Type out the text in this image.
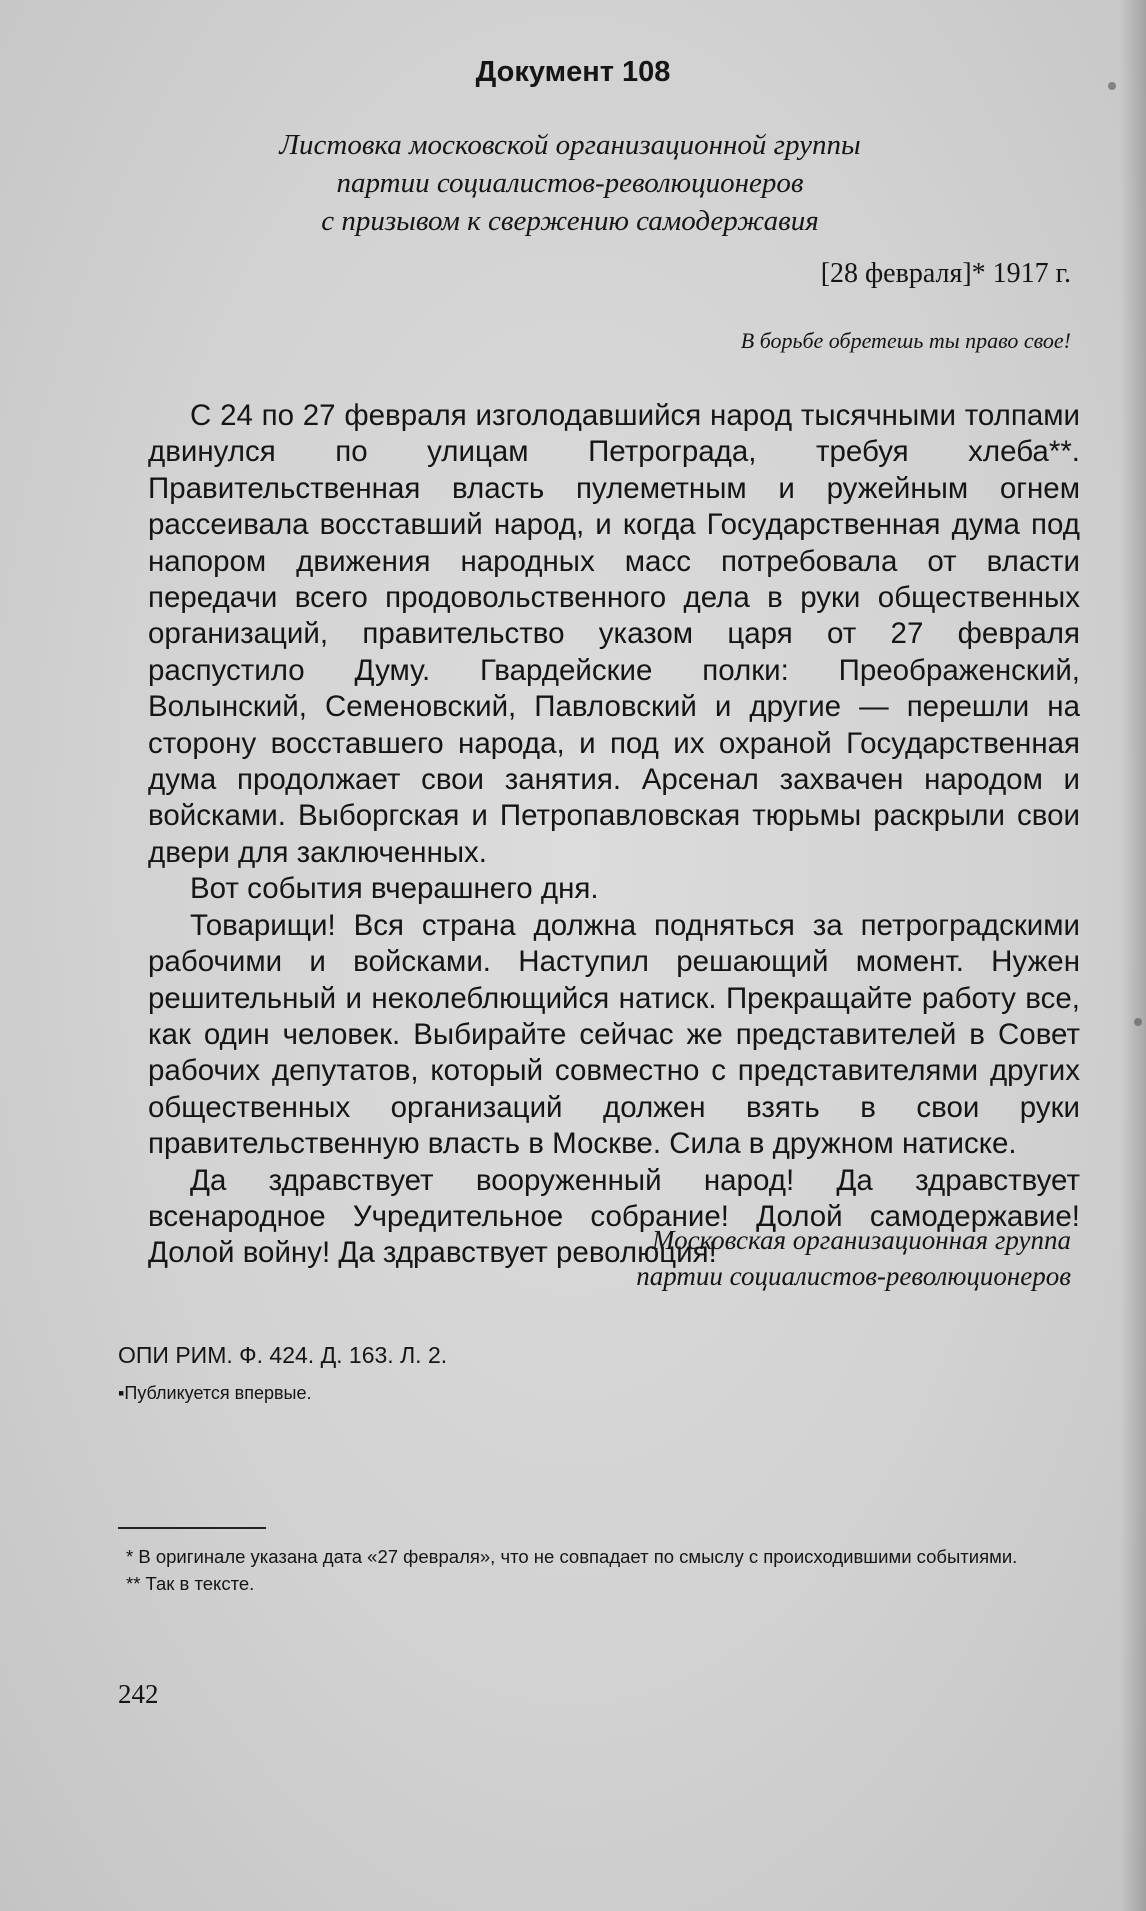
Документ 108
Листовка московской организационной группы
партии социалистов-революционеров
с призывом к свержению самодержавия
[28 февраля]* 1917 г.
В борьбе обретешь ты право свое!

С 24 по 27 февраля изголодавшийся народ тысячными толпами двинулся по улицам Петрограда, требуя хлеба**. Правительственная власть пулеметным и ружейным огнем рассеивала восставший народ, и когда Государственная дума под напором движения народных масс потребовала от власти передачи всего продовольственного дела в руки общественных организаций, правительство указом царя от 27 февраля распустило Думу. Гвардейские полки: Преображенский, Волынский, Семеновский, Павловский и другие — перешли на сторону восставшего народа, и под их охраной Государственная дума продолжает свои занятия. Арсенал захвачен народом и войсками. Выборгская и Петропавловская тюрьмы раскрыли свои двери для заключенных.

Вот события вчерашнего дня.

Товарищи! Вся страна должна подняться за петроградскими рабочими и войсками. Наступил решающий момент. Нужен решительный и неколеблющийся натиск. Прекращайте работу все, как один человек. Выбирайте сейчас же представителей в Совет рабочих депутатов, который совместно с представителями других общественных организаций должен взять в свои руки правительственную власть в Москве. Сила в дружном натиске.

Да здравствует вооруженный народ! Да здравствует всенародное Учредительное собрание! Долой самодержавие! Долой войну! Да здравствует революция!

Московская организационная группа
партии социалистов-революционеров
ОПИ РИМ. Ф. 424. Д. 163. Л. 2.
▪Публикуется впервые.
* В оригинале указана дата «27 февраля», что не совпадает по смыслу с происходившими событиями.
** Так в тексте.
242
